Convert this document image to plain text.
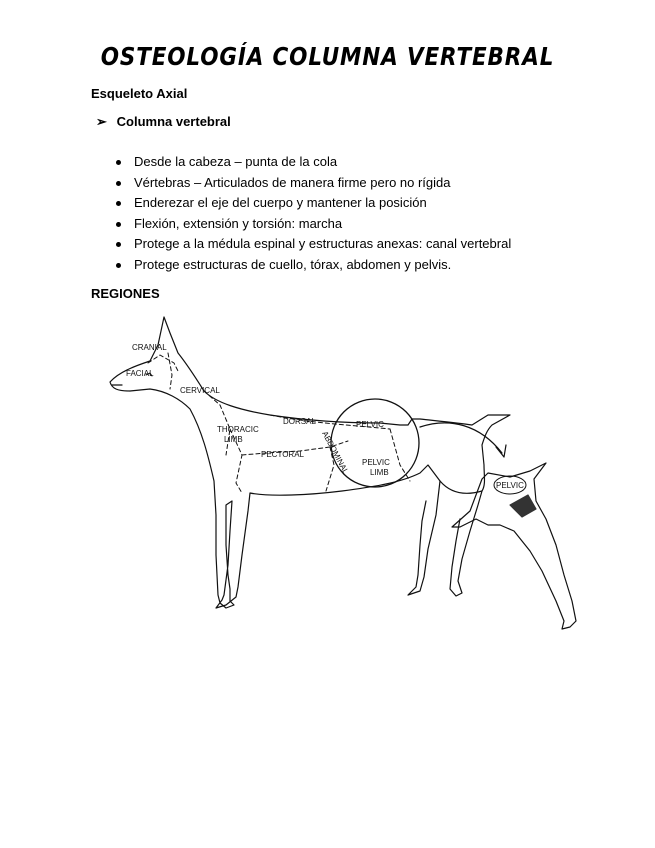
OSTEOLOGÍA COLUMNA VERTEBRAL
Esqueleto Axial
➢ Columna vertebral
Desde la cabeza – punta de la cola
Vértebras – Articulados de manera firme pero no rígida
Enderezar el eje del cuerpo y mantener la posición
Flexión, extensión y torsión: marcha
Protege a la médula espinal y estructuras anexas: canal vertebral
Protege estructuras de cuello, tórax, abdomen y pelvis.
REGIONES
CRANIAL
FACIAL
CERVICAL
THORACIC
LIMB
PECTORAL
DORSAL
ABDOMINAL
PELVIC
PELVIC
LIMB
PELVIC
